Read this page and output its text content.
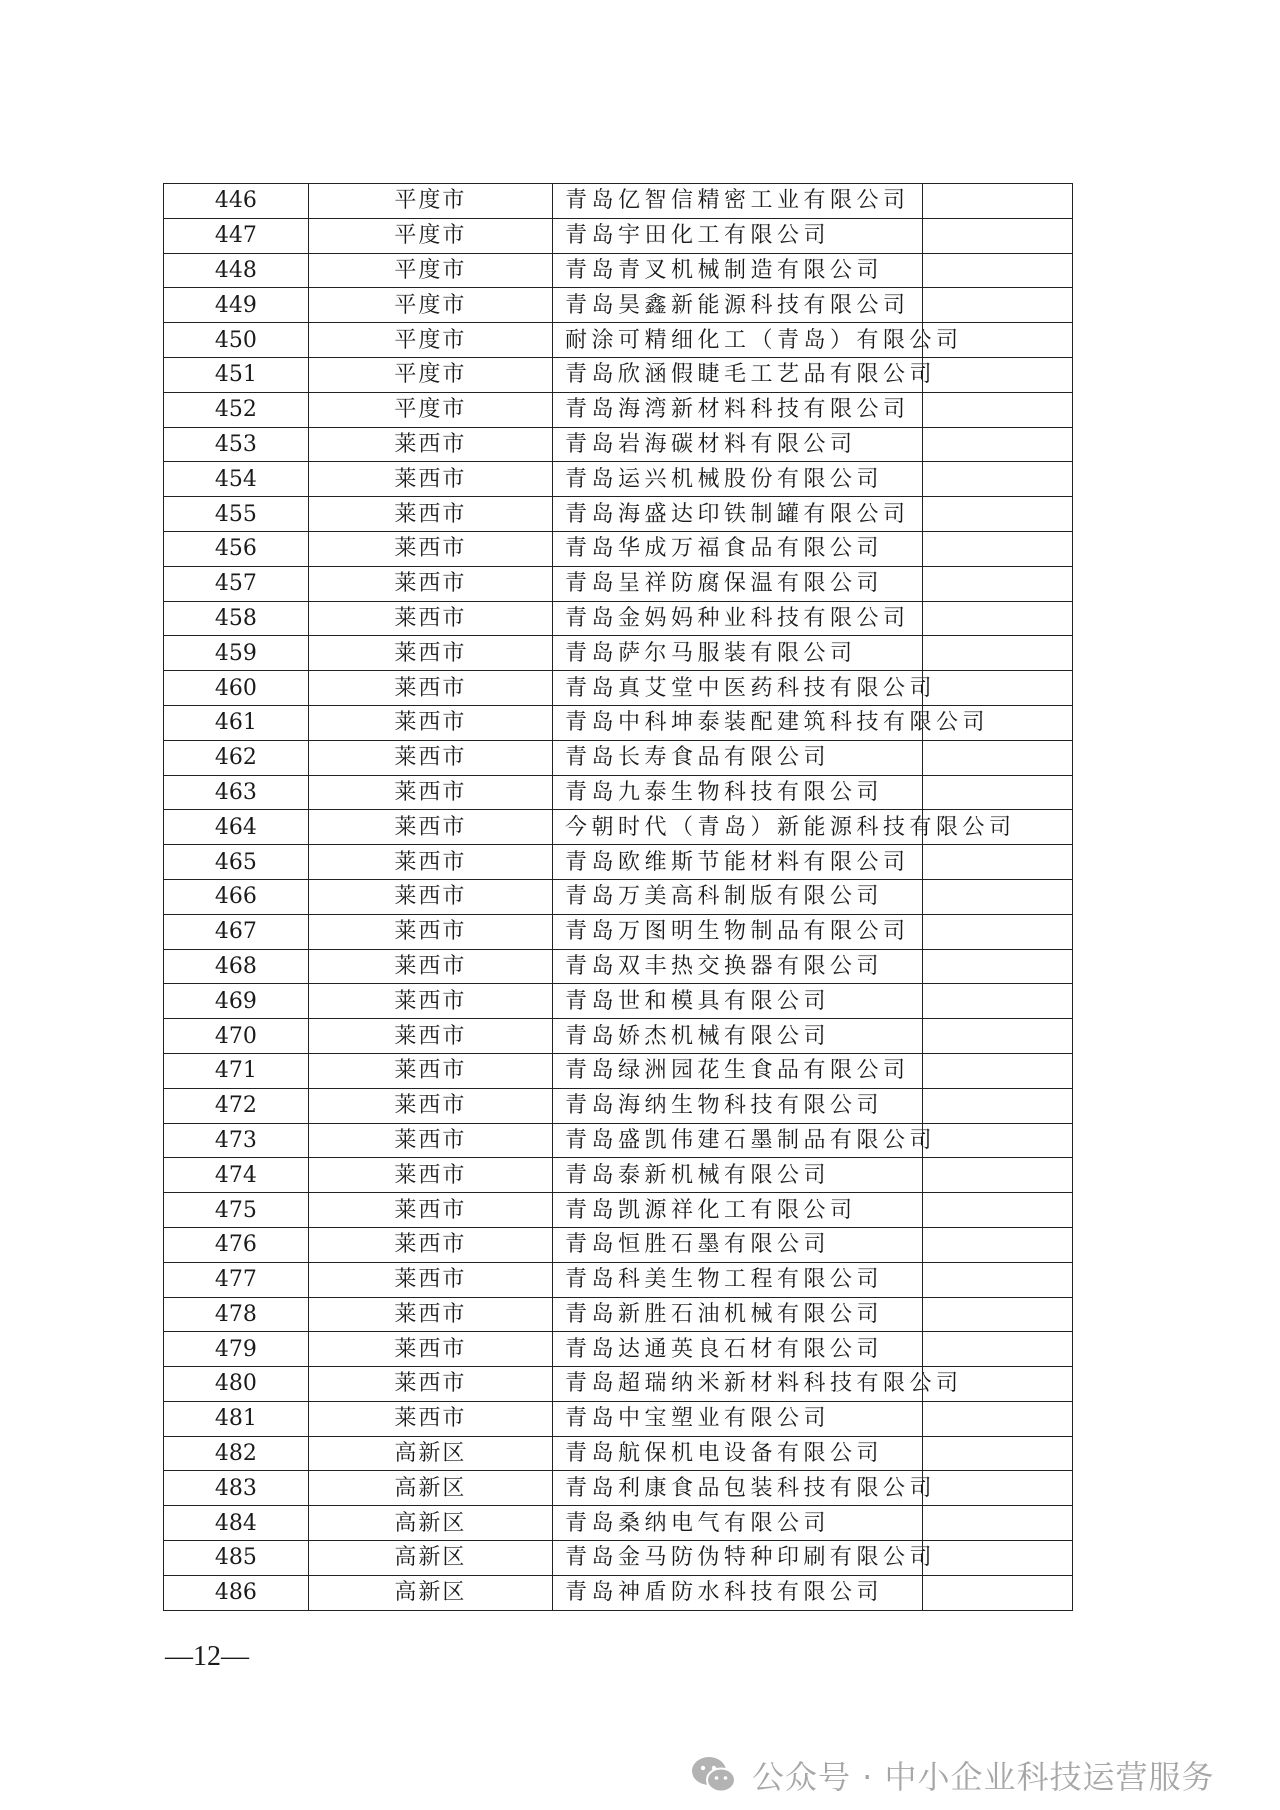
446	平度市	青岛亿智信精密工业有限公司	
447	平度市	青岛宇田化工有限公司	
448	平度市	青岛青叉机械制造有限公司	
449	平度市	青岛昊鑫新能源科技有限公司	
450	平度市	耐涂可精细化工（青岛）有限公司	
451	平度市	青岛欣涵假睫毛工艺品有限公司	
452	平度市	青岛海湾新材料科技有限公司	
453	莱西市	青岛岩海碳材料有限公司	
454	莱西市	青岛运兴机械股份有限公司	
455	莱西市	青岛海盛达印铁制罐有限公司	
456	莱西市	青岛华成万福食品有限公司	
457	莱西市	青岛呈祥防腐保温有限公司	
458	莱西市	青岛金妈妈种业科技有限公司	
459	莱西市	青岛萨尔马服装有限公司	
460	莱西市	青岛真艾堂中医药科技有限公司	
461	莱西市	青岛中科坤泰装配建筑科技有限公司	
462	莱西市	青岛长寿食品有限公司	
463	莱西市	青岛九泰生物科技有限公司	
464	莱西市	今朝时代（青岛）新能源科技有限公司	
465	莱西市	青岛欧维斯节能材料有限公司	
466	莱西市	青岛万美高科制版有限公司	
467	莱西市	青岛万图明生物制品有限公司	
468	莱西市	青岛双丰热交换器有限公司	
469	莱西市	青岛世和模具有限公司	
470	莱西市	青岛娇杰机械有限公司	
471	莱西市	青岛绿洲园花生食品有限公司	
472	莱西市	青岛海纳生物科技有限公司	
473	莱西市	青岛盛凯伟建石墨制品有限公司	
474	莱西市	青岛泰新机械有限公司	
475	莱西市	青岛凯源祥化工有限公司	
476	莱西市	青岛恒胜石墨有限公司	
477	莱西市	青岛科美生物工程有限公司	
478	莱西市	青岛新胜石油机械有限公司	
479	莱西市	青岛达通英良石材有限公司	
480	莱西市	青岛超瑞纳米新材料科技有限公司	
481	莱西市	青岛中宝塑业有限公司	
482	高新区	青岛航保机电设备有限公司	
483	高新区	青岛利康食品包装科技有限公司	
484	高新区	青岛桑纳电气有限公司	
485	高新区	青岛金马防伪特种印刷有限公司	
486	高新区	青岛神盾防水科技有限公司	
—12—
公众号 · 中小企业科技运营服务
